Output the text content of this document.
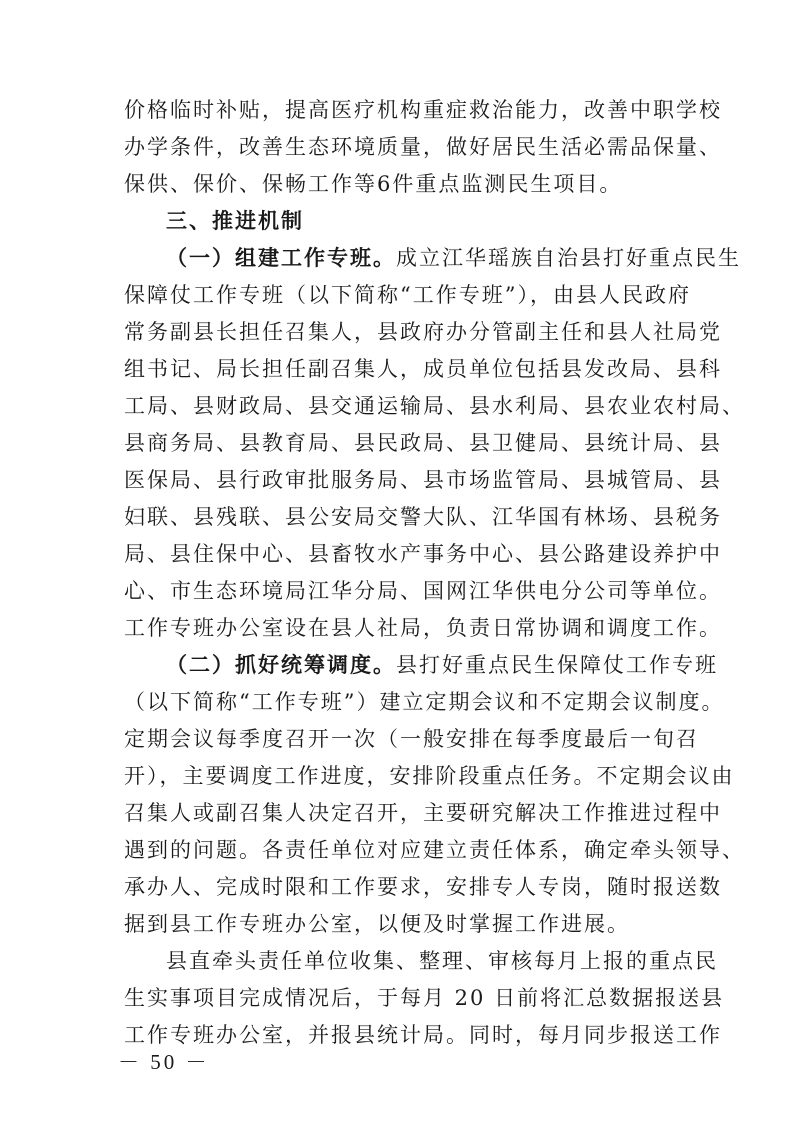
价格临时补贴，提高医疗机构重症救治能力，改善中职学校
办学条件，改善生态环境质量，做好居民生活必需品保量、
保供、保价、保畅工作等6件重点监测民生项目。
三、推进机制
（一）组建工作专班。成立江华瑶族自治县打好重点民生
保障仗工作专班（以下简称“工作专班”），由县人民政府
常务副县长担任召集人，县政府办分管副主任和县人社局党
组书记、局长担任副召集人，成员单位包括县发改局、县科
工局、县财政局、县交通运输局、县水利局、县农业农村局、
县商务局、县教育局、县民政局、县卫健局、县统计局、县
医保局、县行政审批服务局、县市场监管局、县城管局、县
妇联、县残联、县公安局交警大队、江华国有林场、县税务
局、县住保中心、县畜牧水产事务中心、县公路建设养护中
心、市生态环境局江华分局、国网江华供电分公司等单位。
工作专班办公室设在县人社局，负责日常协调和调度工作。
（二）抓好统筹调度。县打好重点民生保障仗工作专班
（以下简称“工作专班”）建立定期会议和不定期会议制度。
定期会议每季度召开一次（一般安排在每季度最后一旬召
开），主要调度工作进度，安排阶段重点任务。不定期会议由
召集人或副召集人决定召开，主要研究解决工作推进过程中
遇到的问题。各责任单位对应建立责任体系，确定牵头领导、
承办人、完成时限和工作要求，安排专人专岗，随时报送数
据到县工作专班办公室，以便及时掌握工作进展。
县直牵头责任单位收集、整理、审核每月上报的重点民
生实事项目完成情况后，于每月 20 日前将汇总数据报送县
工作专班办公室，并报县统计局。同时，每月同步报送工作
－ 50 －
